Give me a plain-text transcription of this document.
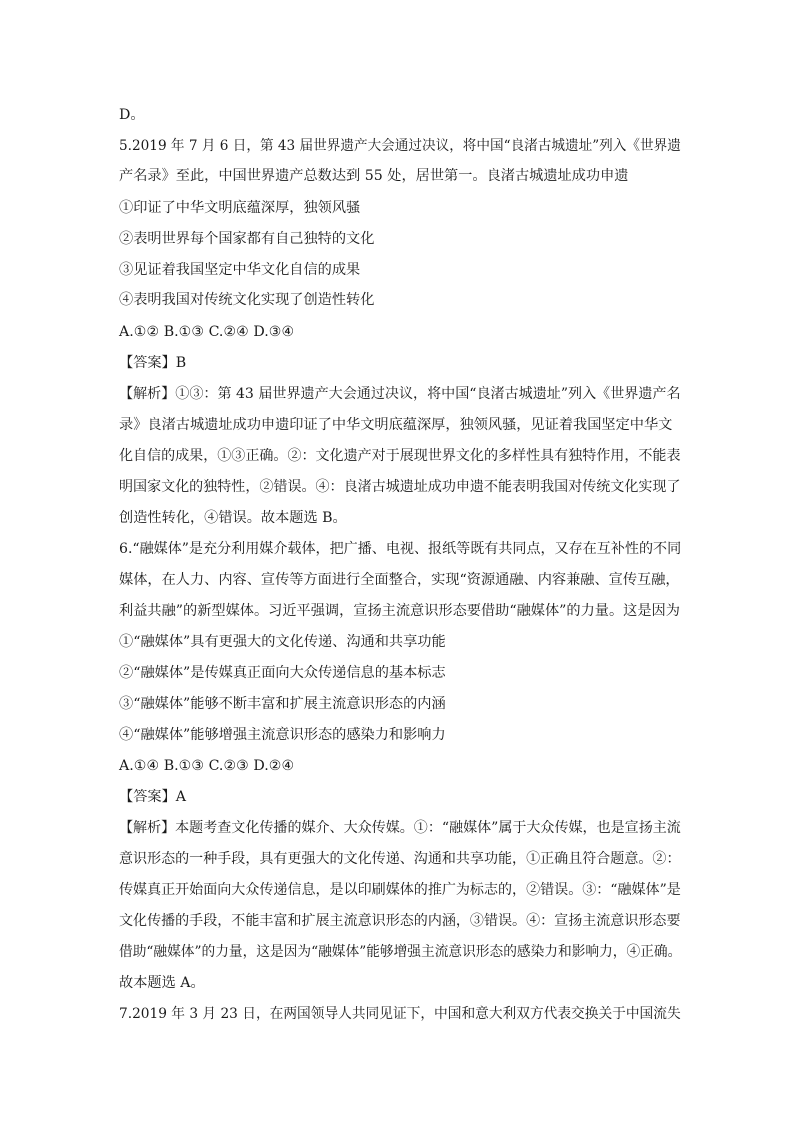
D。
5.2019 年 7 月 6 日，第 43 届世界遗产大会通过决议，将中国“良渚古城遗址”列入《世界遗
产名录》至此，中国世界遗产总数达到 55 处，居世第一。良渚古城遗址成功申遗
①印证了中华文明底蕴深厚，独领风骚
②表明世界每个国家都有自己独特的文化
③见证着我国坚定中华文化自信的成果
④表明我国对传统文化实现了创造性转化
A.①② B.①③ C.②④ D.③④
【答案】B
【解析】①③：第 43 届世界遗产大会通过决议，将中国“良渚古城遗址”列入《世界遗产名
录》良渚古城遗址成功申遗印证了中华文明底蕴深厚，独领风骚，见证着我国坚定中华文
化自信的成果，①③正确。②：文化遗产对于展现世界文化的多样性具有独特作用，不能表
明国家文化的独特性，②错误。④：良渚古城遗址成功申遗不能表明我国对传统文化实现了
创造性转化，④错误。故本题选 B。
6.“融媒体”是充分利用媒介载体，把广播、电视、报纸等既有共同点，又存在互补性的不同
媒体，在人力、内容、宣传等方面进行全面整合，实现“资源通融、内容兼融、宣传互融，
利益共融”的新型媒体。习近平强调，宣扬主流意识形态要借助“融媒体”的力量。这是因为
①“融媒体”具有更强大的文化传递、沟通和共享功能
②“融媒体”是传媒真正面向大众传递信息的基本标志
③“融媒体”能够不断丰富和扩展主流意识形态的内涵
④“融媒体”能够增强主流意识形态的感染力和影响力
A.①④ B.①③ C.②③ D.②④
【答案】A
【解析】本题考查文化传播的媒介、大众传媒。①：“融媒体”属于大众传媒，也是宣扬主流
意识形态的一种手段，具有更强大的文化传递、沟通和共享功能，①正确且符合题意。②：
传媒真正开始面向大众传递信息，是以印刷媒体的推广为标志的，②错误。③：“融媒体”是
文化传播的手段，不能丰富和扩展主流意识形态的内涵，③错误。④：宣扬主流意识形态要
借助“融媒体”的力量，这是因为“融媒体”能够增强主流意识形态的感染力和影响力，④正确。
故本题选 A。
7.2019 年 3 月 23 日，在两国领导人共同见证下，中国和意大利双方代表交换关于中国流失
